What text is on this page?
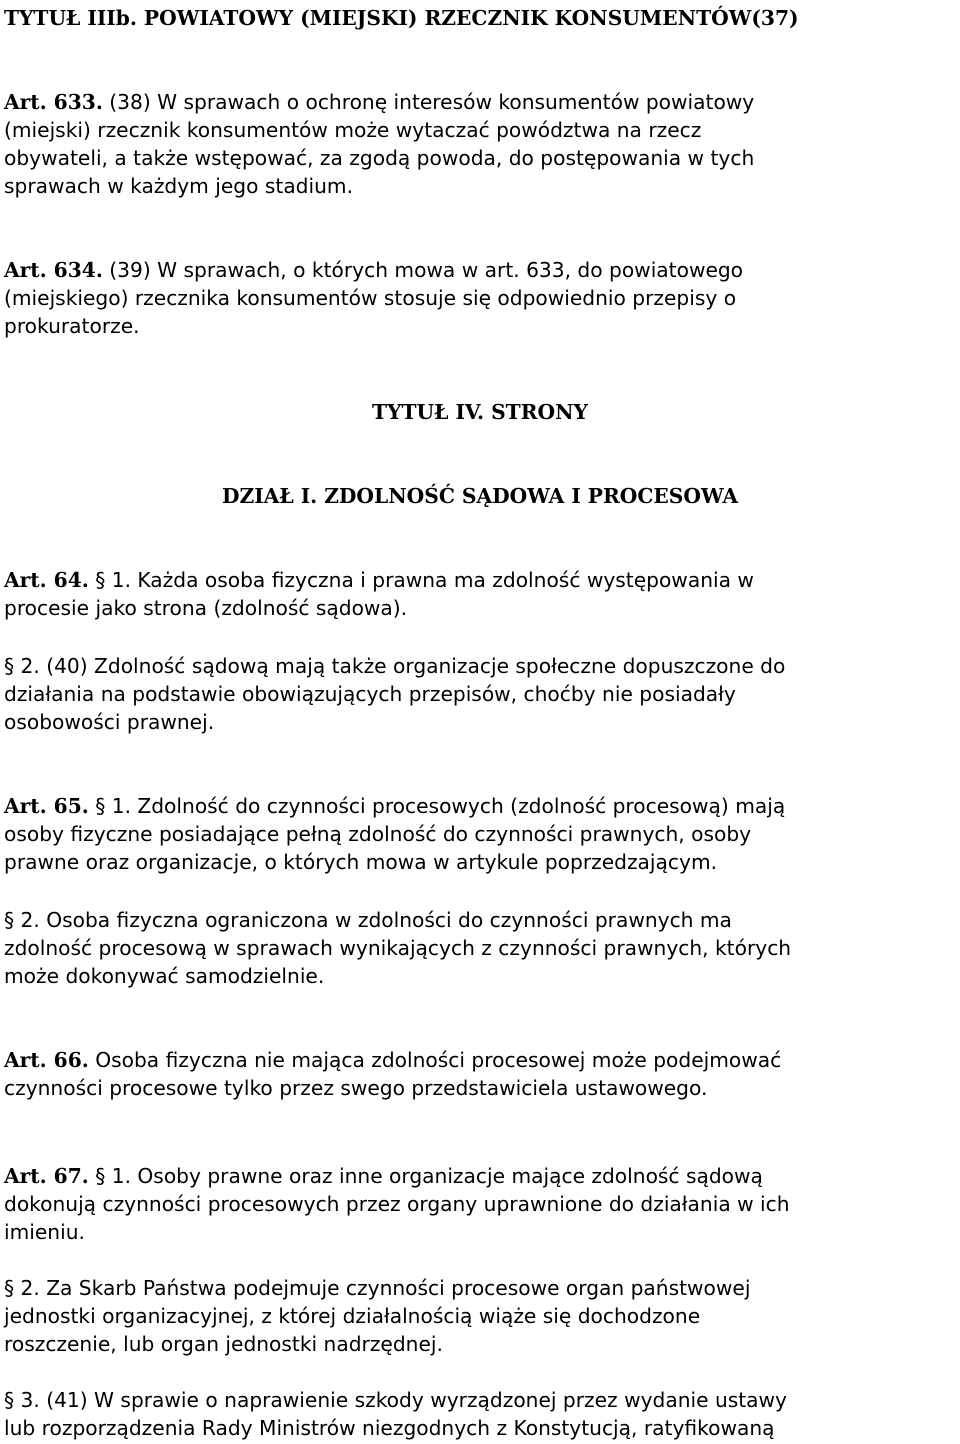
TYTUŁ IIIb. POWIATOWY (MIEJSKI) RZECZNIK KONSUMENTÓW(37)
Art. 633. (38) W sprawach o ochronę interesów konsumentów powiatowy
(miejski) rzecznik konsumentów może wytaczać powództwa na rzecz
obywateli, a także wstępować, za zgodą powoda, do postępowania w tych
sprawach w każdym jego stadium.
Art. 634. (39) W sprawach, o których mowa w art. 633, do powiatowego
(miejskiego) rzecznika konsumentów stosuje się odpowiednio przepisy o
prokuratorze.
TYTUŁ IV. STRONY
DZIAŁ I. ZDOLNOŚĆ SĄDOWA I PROCESOWA
Art. 64. § 1. Każda osoba fizyczna i prawna ma zdolność występowania w
procesie jako strona (zdolność sądowa).
§ 2. (40) Zdolność sądową mają także organizacje społeczne dopuszczone do
działania na podstawie obowiązujących przepisów, choćby nie posiadały
osobowości prawnej.
Art. 65. § 1. Zdolność do czynności procesowych (zdolność procesową) mają
osoby fizyczne posiadające pełną zdolność do czynności prawnych, osoby
prawne oraz organizacje, o których mowa w artykule poprzedzającym.
§ 2. Osoba fizyczna ograniczona w zdolności do czynności prawnych ma
zdolność procesową w sprawach wynikających z czynności prawnych, których
może dokonywać samodzielnie.
Art. 66. Osoba fizyczna nie mająca zdolności procesowej może podejmować
czynności procesowe tylko przez swego przedstawiciela ustawowego.
Art. 67. § 1. Osoby prawne oraz inne organizacje mające zdolność sądową
dokonują czynności procesowych przez organy uprawnione do działania w ich
imieniu.
§ 2. Za Skarb Państwa podejmuje czynności procesowe organ państwowej
jednostki organizacyjnej, z której działalnością wiąże się dochodzone
roszczenie, lub organ jednostki nadrzędnej.
§ 3. (41) W sprawie o naprawienie szkody wyrządzonej przez wydanie ustawy
lub rozporządzenia Rady Ministrów niezgodnych z Konstytucją, ratyfikowaną
